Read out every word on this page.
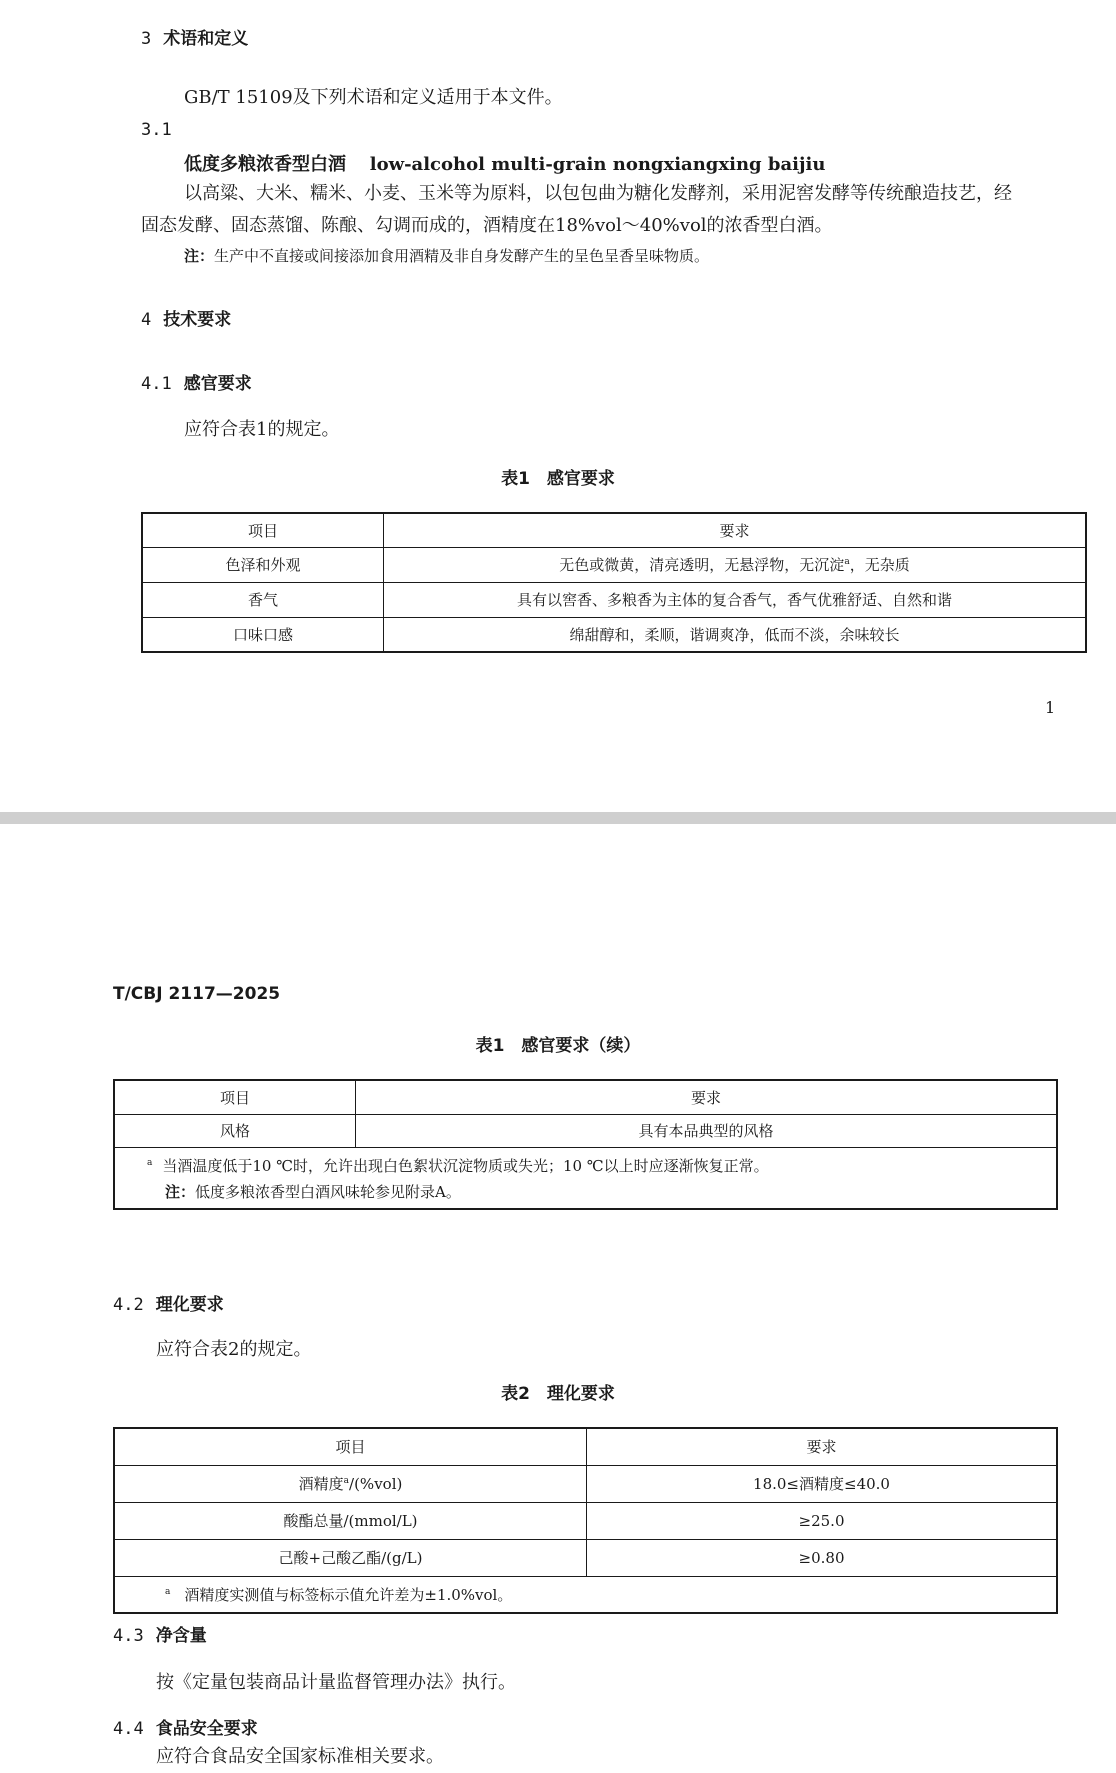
3 术语和定义
GB/T 15109及下列术语和定义适用于本文件。
3.1
低度多粮浓香型白酒 low-alcohol multi-grain nongxiangxing baijiu
以高粱、大米、糯米、小麦、玉米等为原料，以包包曲为糖化发酵剂，采用泥窖发酵等传统酿造技艺，经
固态发酵、固态蒸馏、陈酿、勾调而成的，酒精度在18%vol～40%vol的浓香型白酒。
注：生产中不直接或间接添加食用酒精及非自身发酵产生的呈色呈香呈味物质。
4 技术要求
4.1 感官要求
应符合表1的规定。
表1　感官要求
项目	要求
色泽和外观	无色或微黄，清亮透明，无悬浮物，无沉淀$^a$，无杂质
香气	具有以窖香、多粮香为主体的复合香气，香气优雅舒适、自然和谐
口味口感	绵甜醇和，柔顺，谐调爽净，低而不淡，余味较长
1
T/CBJ 2117—2025
表1　感官要求（续）
项目	要求
风格	具有本品典型的风格

$^a$ 当酒温度低于10 ℃时，允许出现白色絮状沉淀物质或失光；10 ℃以上时应逐渐恢复正常。
注：低度多粮浓香型白酒风味轮参见附录A。	
4.2 理化要求
应符合表2的规定。
表2　理化要求
项目	要求
酒精度$^a$/(%vol)	18.0≤酒精度≤40.0
酸酯总量/(mmol/L)	≥25.0
己酸+己酸乙酯/(g/L)	≥0.80
$^a$ 酒精度实测值与标签标示值允许差为±1.0%vol。	
4.3 净含量
按《定量包装商品计量监督管理办法》执行。
4.4 食品安全要求
应符合食品安全国家标准相关要求。
